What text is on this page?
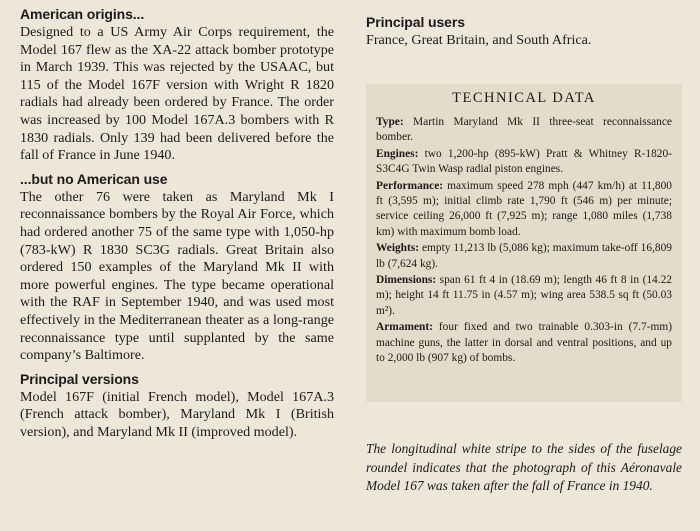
American origins...

Designed to a US Army Air Corps requirement, the Model 167 flew as the XA-22 attack bomber prototype in March 1939. This was rejected by the USAAC, but 115 of the Model 167F version with Wright R 1820 radials had already been ordered by France. The order was increased by 100 Model 167A.3 bombers with R 1830 radials. Only 139 had been delivered before the fall of France in June 1940.

...but no American use

The other 76 were taken as Maryland Mk I reconnaissance bombers by the Royal Air Force, which had ordered another 75 of the same type with 1,050-hp (783-kW) R 1830 SC3G radials. Great Britain also ordered 150 examples of the Maryland Mk II with more powerful engines. The type became operational with the RAF in September 1940, and was used most effectively in the Mediterranean theater as a long-range reconnaissance type until supplanted by the same company’s Baltimore.

Principal versions

Model 167F (initial French model), Model 167A.3 (French attack bomber), Maryland Mk I (British version), and Maryland Mk II (improved model).

Principal users

France, Great Britain, and South Africa.

TECHNICAL DATA

Type: Martin Maryland Mk II three-seat reconnaissance bomber.

Engines: two 1,200-hp (895-kW) Pratt & Whitney R-1820-S3C4G Twin Wasp radial piston engines.

Performance: maximum speed 278 mph (447 km/h) at 11,800 ft (3,595 m); initial climb rate 1,790 ft (546 m) per minute; service ceiling 26,000 ft (7,925 m); range 1,080 miles (1,738 km) with maximum bomb load.

Weights: empty 11,213 lb (5,086 kg); maximum take-off 16,809 lb (7,624 kg).

Dimensions: span 61 ft 4 in (18.69 m); length 46 ft 8 in (14.22 m); height 14 ft 11.75 in (4.57 m); wing area 538.5 sq ft (50.03 m²).

Armament: four fixed and two trainable 0.303-in (7.7-mm) machine guns, the latter in dorsal and ventral positions, and up to 2,000 lb (907 kg) of bombs.

The longitudinal white stripe to the sides of the fuselage roundel indicates that the photograph of this Aéronavale Model 167 was taken after the fall of France in 1940.
